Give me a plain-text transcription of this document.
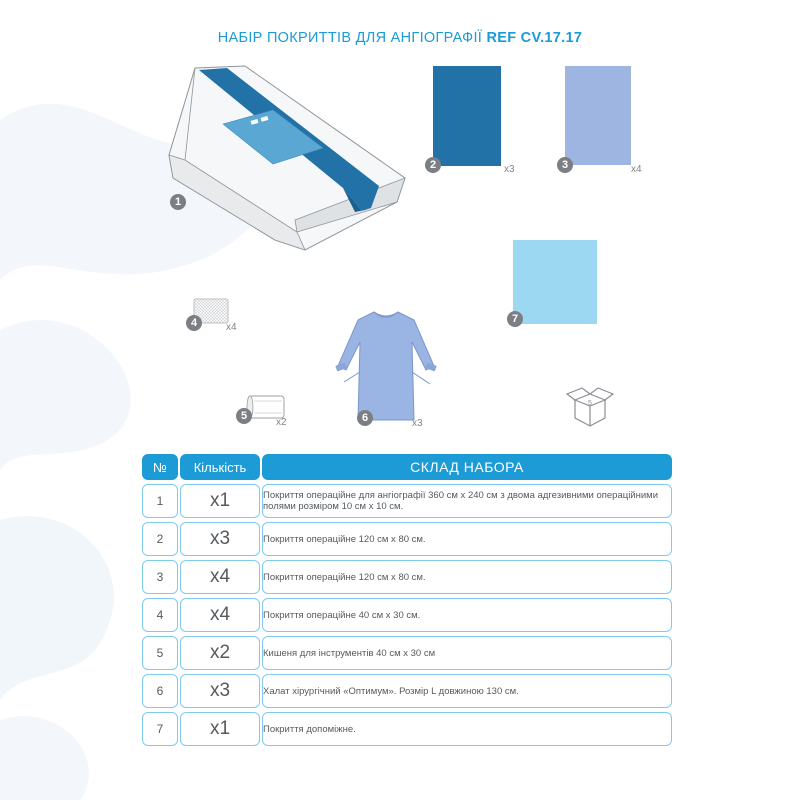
НАБІР ПОКРИТТІВ ДЛЯ АНГІОГРАФІЇ REF CV.17.17
1
2	x3	3	x4
7
4	x4
5
x2	6	x3
5
№	Кількість	СКЛАД НАБОРА
1	x1	Покриття операційне для ангіографії 360 см х 240 см з двома адгезивними операційними полями розміром 10 см х 10 см.
2	x3	Покриття операційне 120 см х 80 см.
3	x4	Покриття операційне 120 см х 80 см.
4	x4	Покриття операційне 40 см х 30 см.
5	x2	Кишеня для інструментів 40 см х 30 см
6	x3	Халат хірургічний «Оптимум». Розмір L довжиною 130 см.
7	x1	Покриття допоміжне.
